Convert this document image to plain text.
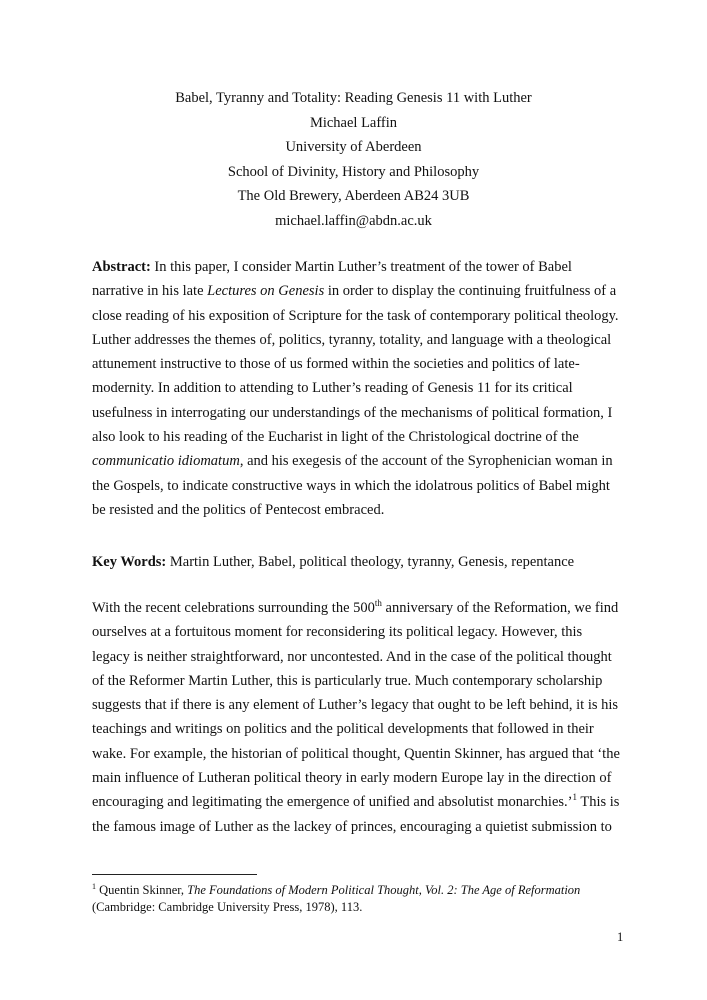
Babel, Tyranny and Totality: Reading Genesis 11 with Luther
Michael Laffin
University of Aberdeen
School of Divinity, History and Philosophy
The Old Brewery, Aberdeen AB24 3UB
michael.laffin@abdn.ac.uk

Abstract: In this paper, I consider Martin Luther’s treatment of the tower of Babel
narrative in his late Lectures on Genesis in order to display the continuing fruitfulness of a
close reading of his exposition of Scripture for the task of contemporary political theology.
Luther addresses the themes of, politics, tyranny, totality, and language with a theological
attunement instructive to those of us formed within the societies and politics of late-
modernity. In addition to attending to Luther’s reading of Genesis 11 for its critical
usefulness in interrogating our understandings of the mechanisms of political formation, I
also look to his reading of the Eucharist in light of the Christological doctrine of the
communicatio idiomatum, and his exegesis of the account of the Syrophenician woman in
the Gospels, to indicate constructive ways in which the idolatrous politics of Babel might
be resisted and the politics of Pentecost embraced.

Key Words: Martin Luther, Babel, political theology, tyranny, Genesis, repentance

With the recent celebrations surrounding the 500th anniversary of the Reformation, we find
ourselves at a fortuitous moment for reconsidering its political legacy. However, this
legacy is neither straightforward, nor uncontested. And in the case of the political thought
of the Reformer Martin Luther, this is particularly true. Much contemporary scholarship
suggests that if there is any element of Luther’s legacy that ought to be left behind, it is his
teachings and writings on politics and the political developments that followed in their
wake. For example, the historian of political thought, Quentin Skinner, has argued that ‘the
main influence of Lutheran political theory in early modern Europe lay in the direction of
encouraging and legitimating the emergence of unified and absolutist monarchies.’$^1$ This is
the famous image of Luther as the lackey of princes, encouraging a quietist submission to

$^1$ Quentin Skinner, The Foundations of Modern Political Thought, Vol. 2: The Age of Reformation
(Cambridge: Cambridge University Press, 1978), 113.
1
